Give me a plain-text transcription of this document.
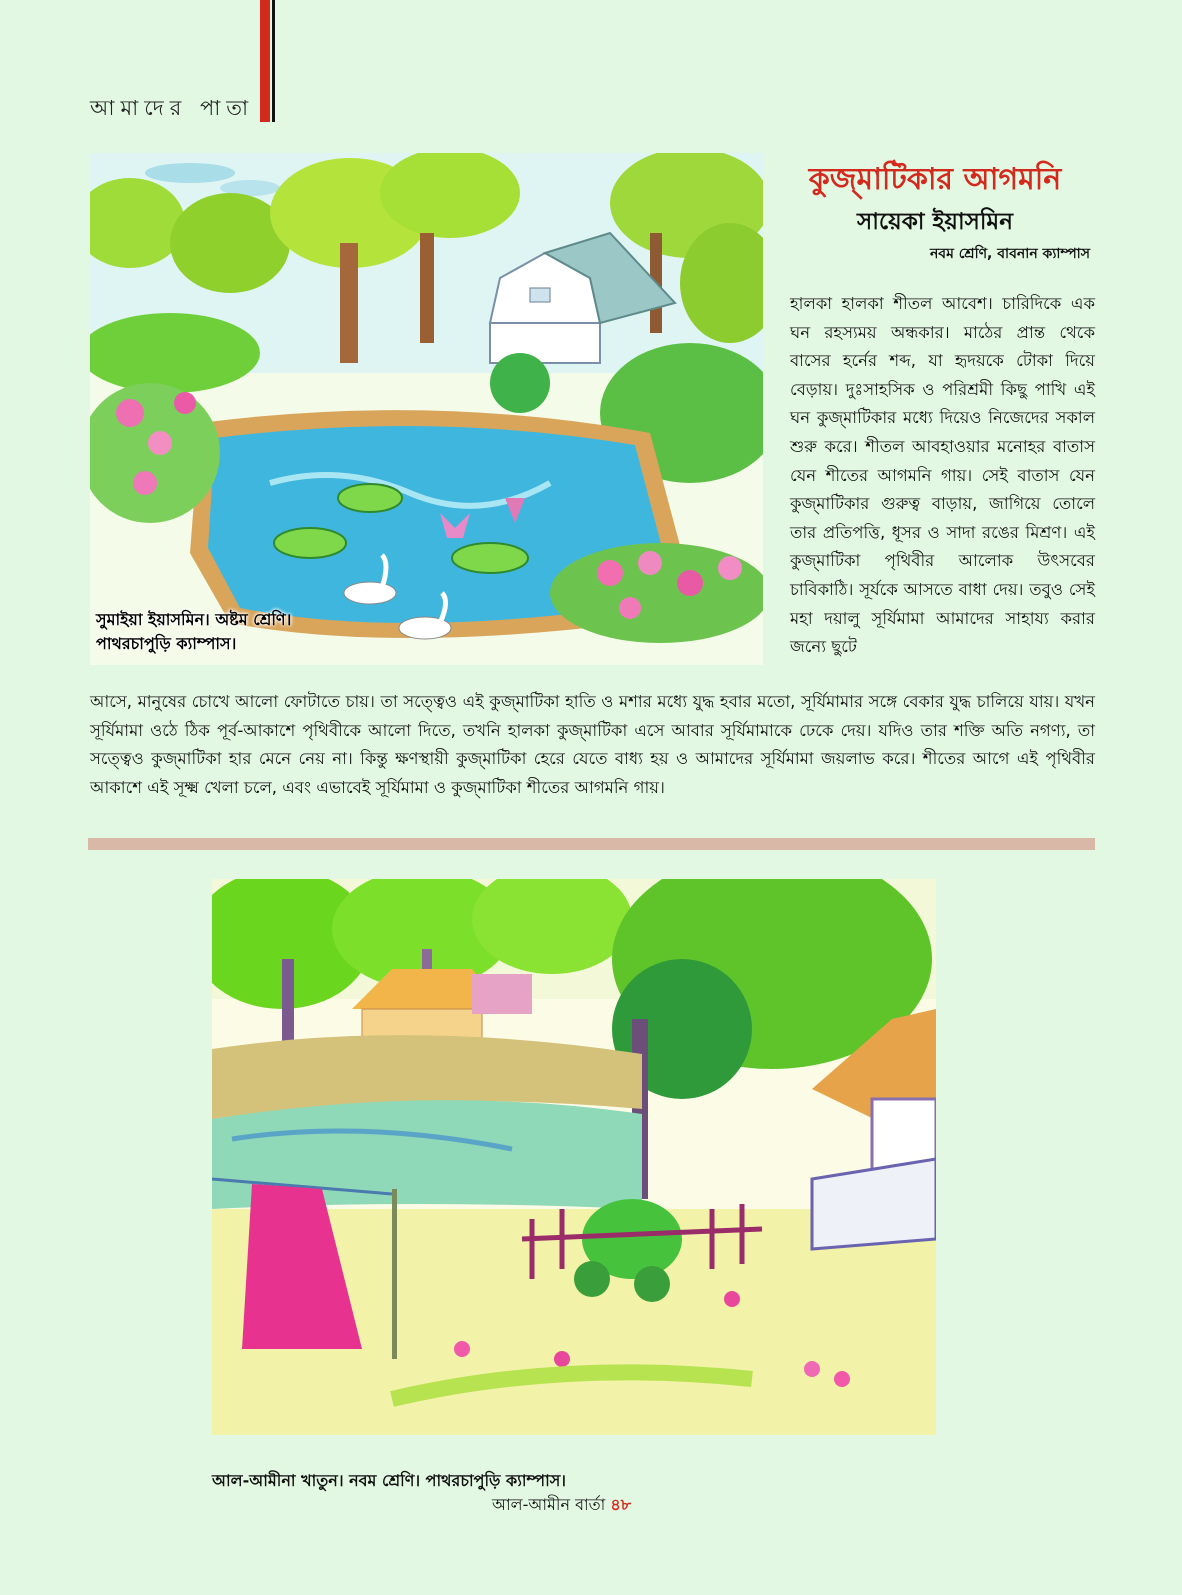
আমাদের পাতা
সুমাইয়া ইয়াসমিন। অষ্টম শ্রেণি।
পাথরচাপুড়ি ক্যাম্পাস।
কুজ্মাটিকার আগমনি
সায়েকা ইয়াসমিন
নবম শ্রেণি, বাবনান ক্যাম্পাস
হালকা হালকা শীতল আবেশ। চারিদিকে এক ঘন রহস্যময় অন্ধকার। মাঠের প্রান্ত থেকে বাসের হর্নের শব্দ, যা হৃদয়কে টোকা দিয়ে বেড়ায়। দুঃসাহসিক ও পরিশ্রমী কিছু পাখি এই ঘন কুজ্মাটিকার মধ্যে দিয়েও নিজেদের সকাল শুরু করে। শীতল আবহাওয়ার মনোহর বাতাস যেন শীতের আগমনি গায়। সেই বাতাস যেন কুজ্মাটিকার গুরুত্ব বাড়ায়, জাগিয়ে তোলে তার প্রতিপত্তি, ধূসর ও সাদা রঙের মিশ্রণ। এই কুজ্মাটিকা পৃথিবীর আলোক উৎসবের চাবিকাঠি। সূর্যকে আসতে বাধা দেয়। তবুও সেই মহা দয়ালু সূর্যিমামা আমাদের সাহায্য করার জন্যে ছুটে
আসে, মানুষের চোখে আলো ফোটাতে চায়। তা সত্ত্বেও এই কুজ্মাটিকা হাতি ও মশার মধ্যে যুদ্ধ হবার মতো, সূর্যিমামার সঙ্গে বেকার যুদ্ধ চালিয়ে যায়। যখন সূর্যিমামা ওঠে ঠিক পূর্ব-আকাশে পৃথিবীকে আলো দিতে, তখনি হালকা কুজ্মাটিকা এসে আবার সূর্যিমামাকে ঢেকে দেয়। যদিও তার শক্তি অতি নগণ্য, তা সত্ত্বেও কুজ্মাটিকা হার মেনে নেয় না। কিন্তু ক্ষণস্থায়ী কুজ্মাটিকা হেরে যেতে বাধ্য হয় ও আমাদের সূর্যিমামা জয়লাভ করে। শীতের আগে এই পৃথিবীর আকাশে এই সূক্ষ্ম খেলা চলে, এবং এভাবেই সূর্যিমামা ও কুজ্মাটিকা শীতের আগমনি গায়।
আল-আমীনা খাতুন। নবম শ্রেণি। পাথরচাপুড়ি ক্যাম্পাস।
আল-আমীন বার্তা ৪৮
